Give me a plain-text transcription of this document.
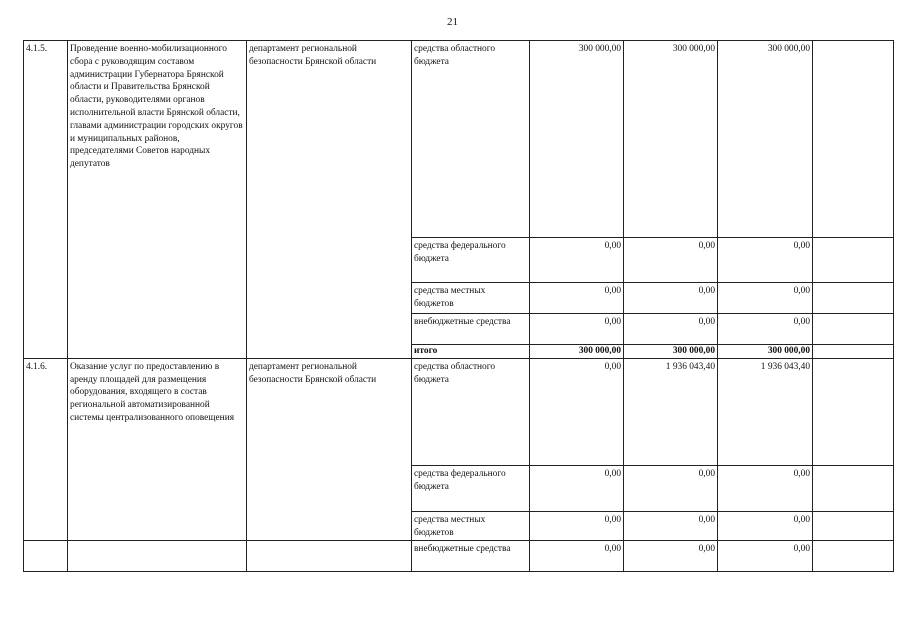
21
4.1.5.	Проведение военно-мобилизационного сбора с руководящим составом администрации Губернатора Брянской области и Правительства Брянской области, руководителями органов исполнительной власти Брянской области, главами администрации городских округов и муниципальных районов, председателями Советов народных депутатов	департамент региональной безопасности Брянской области	средства областного бюджета	300 000,00	300 000,00	300 000,00	
			средства федерального бюджета	0,00	0,00	0,00	
			средства местных бюджетов	0,00	0,00	0,00	
			внебюджетные средства	0,00	0,00	0,00	
			итого	300 000,00	300 000,00	300 000,00	
4.1.6.	Оказание услуг по предоставлению в аренду площадей для размещения оборудования, входящего в состав региональной автоматизированной системы централизованного оповещения	департамент региональной безопасности Брянской области	средства областного бюджета	0,00	1 936 043,40	1 936 043,40	
			средства федерального бюджета	0,00	0,00	0,00	
			средства местных бюджетов	0,00	0,00	0,00	
			внебюджетные средства	0,00	0,00	0,00	
